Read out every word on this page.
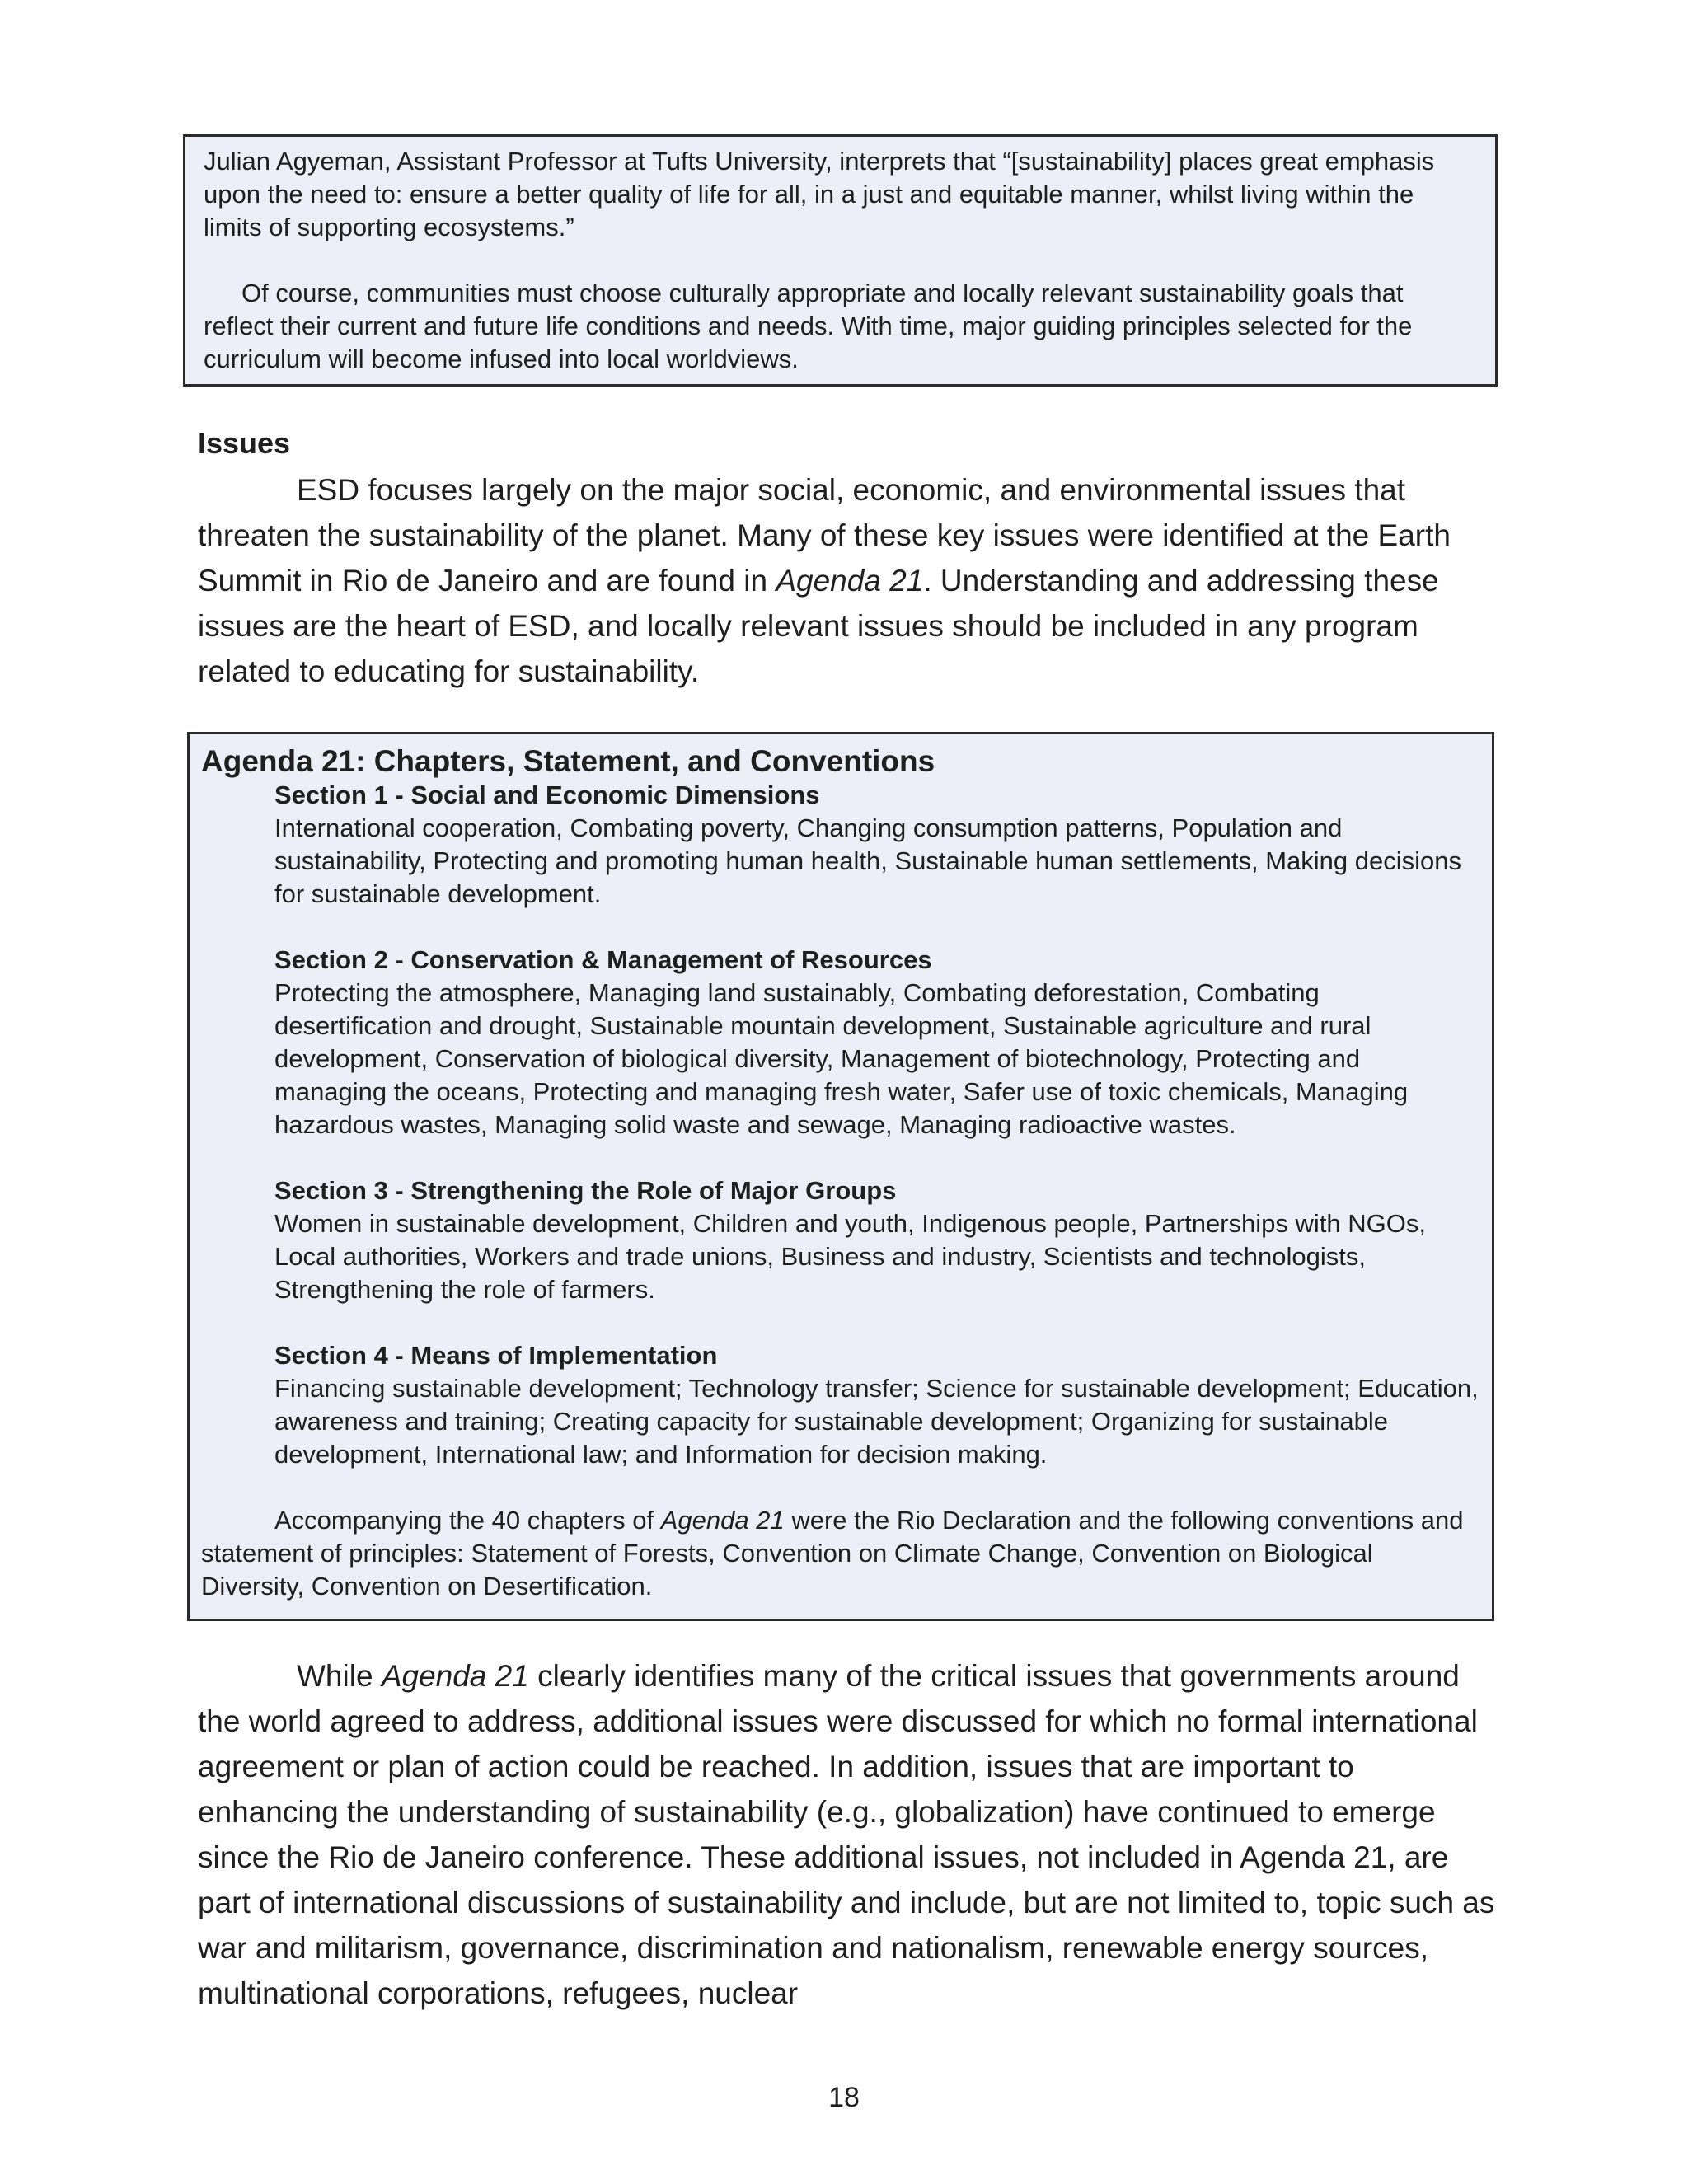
Julian Agyeman, Assistant Professor at Tufts University, interprets that “[sustainability] places great emphasis upon the need to: ensure a better quality of life for all, in a just and equitable manner, whilst living within the limits of supporting ecosystems.”

Of course, communities must choose culturally appropriate and locally relevant sustainability goals that reflect their current and future life conditions and needs. With time, major guiding principles selected for the curriculum will become infused into local worldviews.

Issues

ESD focuses largely on the major social, economic, and environmental issues that threaten the sustainability of the planet. Many of these key issues were identified at the Earth Summit in Rio de Janeiro and are found in Agenda 21. Understanding and addressing these issues are the heart of ESD, and locally relevant issues should be included in any program related to educating for sustainability.

Agenda 21: Chapters, Statement, and Conventions

Section 1 - Social and Economic Dimensions

International cooperation, Combating poverty, Changing consumption patterns, Population and sustainability, Protecting and promoting human health, Sustainable human settlements, Making decisions for sustainable development.

Section 2 - Conservation & Management of Resources

Protecting the atmosphere, Managing land sustainably, Combating deforestation, Combating desertification and drought, Sustainable mountain development, Sustainable agriculture and rural development, Conservation of biological diversity, Management of biotechnology, Protecting and managing the oceans, Protecting and managing fresh water, Safer use of toxic chemicals, Managing hazardous wastes, Managing solid waste and sewage, Managing radioactive wastes.

Section 3 - Strengthening the Role of Major Groups

Women in sustainable development, Children and youth, Indigenous people, Partnerships with NGOs, Local authorities, Workers and trade unions, Business and industry, Scientists and technologists, Strengthening the role of farmers.

Section 4 - Means of Implementation

Financing sustainable development; Technology transfer; Science for sustainable development; Education, awareness and training; Creating capacity for sustainable development; Organizing for sustainable development, International law; and Information for decision making.

Accompanying the 40 chapters of Agenda 21 were the Rio Declaration and the following conventions and statement of principles: Statement of Forests, Convention on Climate Change, Convention on Biological Diversity, Convention on Desertification.

While Agenda 21 clearly identifies many of the critical issues that governments around the world agreed to address, additional issues were discussed for which no formal international agreement or plan of action could be reached. In addition, issues that are important to enhancing the understanding of sustainability (e.g., globalization) have continued to emerge since the Rio de Janeiro conference. These additional issues, not included in Agenda 21, are part of international discussions of sustainability and include, but are not limited to, topic such as war and militarism, governance, discrimination and nationalism, renewable energy sources, multinational corporations, refugees, nuclear

18
